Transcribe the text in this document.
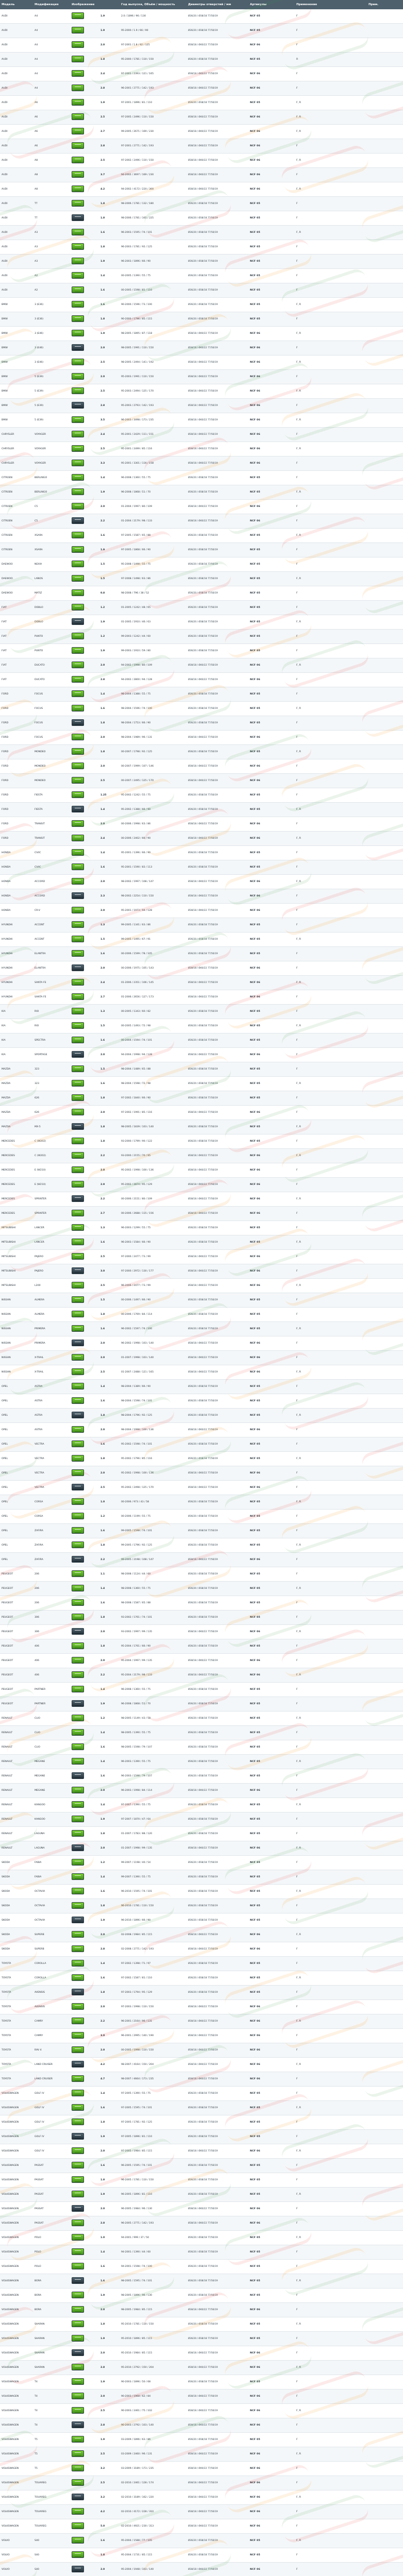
Модель	Модификация	Изображение		Год выпуска, Объём / мощность	Диаметры отверстий / мм	Артикулы	Применение	Прим.
AUDI	A4		1.9	2.0 / 1896 / 96 / 130	Ø36/20 / Ø38/18 77/56/19	NCF 05	F	
AUDI	A4		1.9	95-2000 / 1.9 / 66 / 90	Ø36/20 / Ø38/18 77/56/19	NCF 05	F	
AUDI	A4		2.0	97-2001 / 1.8 / 92 / 125	Ø38/18 / Ø40/22 77/56/19	NCF 06	F	
AUDI	A4		1.8	95-2000 / 1781 / 110 / 150	Ø36/20 / Ø38/18 77/56/19	NCF 05	R	
AUDI	A4		2.4	97-2001 / 2393 / 121 / 165	Ø38/18 / Ø40/22 77/56/19	NCF 06	F	
AUDI	A4		2.8	96-2001 / 2771 / 142 / 193	Ø38/18 / Ø40/22 77/56/19	NCF 06	F	
AUDI	A6		1.9	97-2001 / 1896 / 81 / 110	Ø36/20 / Ø38/18 77/56/19	NCF 05	F, R	
AUDI	A6		2.5	97-2005 / 2496 / 110 / 150	Ø38/18 / Ø40/22 77/56/19	NCF 06	F, R	
AUDI	A6		2.7	99-2005 / 2671 / 169 / 230	Ø38/18 / Ø40/22 77/56/19	NCF 06	F, R	
AUDI	A6		2.8	97-2001 / 2771 / 142 / 193	Ø38/18 / Ø40/22 77/56/19	NCF 06	F	
AUDI	A8		2.5	97-2002 / 2496 / 110 / 150	Ø38/18 / Ø40/22 77/56/19	NCF 06	F, R	
AUDI	A8		3.7	94-2002 / 3697 / 169 / 230	Ø38/18 / Ø40/22 77/56/19	NCF 06	F	
AUDI	A8		4.2	94-2002 / 4172 / 220 / 300	Ø38/18 / Ø40/22 77/56/19	NCF 06	F, R	
AUDI	TT		1.8	98-2006 / 1781 / 132 / 180	Ø36/20 / Ø38/18 77/56/19	NCF 05	F	
AUDI	TT		1.8	98-2006 / 1781 / 165 / 225	Ø36/20 / Ø38/18 77/56/19	NCF 05	F	
AUDI	A3		1.6	96-2003 / 1595 / 74 / 101	Ø36/20 / Ø38/18 77/56/19	NCF 05	F, R	
AUDI	A3		1.8	96-2003 / 1781 / 92 / 125	Ø36/20 / Ø38/18 77/56/19	NCF 05	F	
AUDI	A3		1.9	96-2003 / 1896 / 66 / 90	Ø36/20 / Ø38/18 77/56/19	NCF 05	F	
AUDI	A2		1.4	00-2005 / 1390 / 55 / 75	Ø36/20 / Ø38/18 77/56/19	NCF 05	F	
AUDI	A2		1.6	00-2005 / 1598 / 81 / 110	Ø36/20 / Ø38/18 77/56/19	NCF 05	F	
BMW	3 (E36)		1.6	90-2000 / 1596 / 73 / 100	Ø36/20 / Ø38/18 77/56/19	NCF 05	F, R	
BMW	3 (E36)		1.8	90-2000 / 1796 / 85 / 115	Ø36/20 / Ø38/18 77/56/19	NCF 05	F	
BMW	3 (E46)		1.9	98-2005 / 1895 / 87 / 118	Ø38/18 / Ø40/22 77/56/19	NCF 06	F, R	
BMW	3 (E46)		2.0	98-2005 / 1991 / 110 / 150	Ø38/18 / Ø40/22 77/56/19	NCF 06	F	
BMW	3 (E46)		2.5	98-2005 / 2494 / 141 / 192	Ø38/18 / Ø40/22 77/56/19	NCF 06	F, R	
BMW	5 (E39)		2.0	95-2003 / 1991 / 110 / 150	Ø38/18 / Ø40/22 77/56/19	NCF 06	F	
BMW	5 (E39)		2.5	95-2003 / 2494 / 125 / 170	Ø38/18 / Ø40/22 77/56/19	NCF 06	F, R	
BMW	5 (E39)		2.8	95-2003 / 2793 / 142 / 193	Ø38/18 / Ø40/22 77/56/19	NCF 06	F	
BMW	5 (E39)		3.5	96-2003 / 3498 / 173 / 235	Ø38/18 / Ø40/22 77/56/19	NCF 06	F, R	
CHRYSLER	VOYAGER		2.4	95-2001 / 2429 / 111 / 151	Ø38/18 / Ø40/22 77/56/19	NCF 06	F	
CHRYSLER	VOYAGER		2.5	95-2001 / 2499 / 85 / 116	Ø38/18 / Ø40/22 77/56/19	NCF 06	F, R	
CHRYSLER	VOYAGER		3.3	95-2001 / 3301 / 116 / 158	Ø38/18 / Ø40/22 77/56/19	NCF 06	F	
CITROEN	BERLINGO		1.4	96-2008 / 1360 / 55 / 75	Ø36/20 / Ø38/18 77/56/19	NCF 05	F	
CITROEN	BERLINGO		1.9	96-2008 / 1868 / 51 / 70	Ø36/20 / Ø38/18 77/56/19	NCF 05	F, R	
CITROEN	C5		2.0	01-2004 / 1997 / 80 / 109	Ø38/18 / Ø40/22 77/56/19	NCF 06	F	
CITROEN	C5		2.2	01-2004 / 2179 / 98 / 133	Ø38/18 / Ø40/22 77/56/19	NCF 06	F	
CITROEN	XSARA		1.6	97-2005 / 1587 / 65 / 88	Ø36/20 / Ø38/18 77/56/19	NCF 05	F, R	
CITROEN	XSARA		1.9	97-2005 / 1868 / 66 / 90	Ø36/20 / Ø38/18 77/56/19	NCF 05	F	
DAEWOO	NEXIA		1.5	95-2008 / 1498 / 55 / 75	Ø36/20 / Ø38/18 77/56/19	NCF 05	F	
DAEWOO	LANOS		1.5	97-2008 / 1498 / 63 / 86	Ø36/20 / Ø38/18 77/56/19	NCF 05	F, R	
DAEWOO	MATIZ		0.8	98-2008 / 796 / 38 / 52	Ø36/20 / Ø38/18 77/56/19	NCF 05	F	
FIAT	DOBLO		1.2	01-2005 / 1242 / 48 / 65	Ø36/20 / Ø38/18 77/56/19	NCF 05	F	
FIAT	DOBLO		1.9	01-2005 / 1910 / 46 / 63	Ø36/20 / Ø38/18 77/56/19	NCF 05	F, R	
FIAT	PUNTO		1.2	99-2003 / 1242 / 44 / 60	Ø36/20 / Ø38/18 77/56/19	NCF 05	F	
FIAT	PUNTO		1.9	99-2003 / 1910 / 59 / 80	Ø36/20 / Ø38/18 77/56/19	NCF 05	F	
FIAT	DUCATO		2.0	94-2002 / 1998 / 80 / 109	Ø38/18 / Ø40/22 77/56/19	NCF 06	F, R	
FIAT	DUCATO		2.8	94-2002 / 2800 / 94 / 128	Ø38/18 / Ø40/22 77/56/19	NCF 06	F	
FORD	FOCUS		1.4	98-2004 / 1388 / 55 / 75	Ø36/20 / Ø38/18 77/56/19	NCF 05	F	
FORD	FOCUS		1.6	98-2004 / 1596 / 74 / 100	Ø36/20 / Ø38/18 77/56/19	NCF 05	F, R	
FORD	FOCUS		1.8	98-2004 / 1753 / 66 / 90	Ø36/20 / Ø38/18 77/56/19	NCF 05	F	
FORD	FOCUS		2.0	98-2004 / 1989 / 96 / 131	Ø38/18 / Ø40/22 77/56/19	NCF 06	F	
FORD	MONDEO		1.8	00-2007 / 1798 / 92 / 125	Ø36/20 / Ø38/18 77/56/19	NCF 05	F, R	
FORD	MONDEO		2.0	00-2007 / 1999 / 107 / 146	Ø38/18 / Ø40/22 77/56/19	NCF 06	F	
FORD	MONDEO		2.5	00-2007 / 2495 / 125 / 170	Ø38/18 / Ø40/22 77/56/19	NCF 06	F	
FORD	FIESTA		1.25	95-2002 / 1242 / 55 / 75	Ø36/20 / Ø38/18 77/56/19	NCF 05	F	
FORD	FIESTA		1.4	95-2002 / 1388 / 66 / 90	Ø36/20 / Ø38/18 77/56/19	NCF 05	F, R	
FORD	TRANSIT		2.0	00-2006 / 1998 / 63 / 86	Ø38/18 / Ø40/22 77/56/19	NCF 06	F	
FORD	TRANSIT		2.4	00-2006 / 2402 / 66 / 90	Ø38/18 / Ø40/22 77/56/19	NCF 06	F, R	
HONDA	CIVIC		1.4	95-2001 / 1396 / 66 / 90	Ø36/20 / Ø38/18 77/56/19	NCF 05	F	
HONDA	CIVIC		1.6	95-2001 / 1590 / 83 / 113	Ø36/20 / Ø38/18 77/56/19	NCF 05	F	
HONDA	ACCORD		2.0	98-2002 / 1997 / 108 / 147	Ø38/18 / Ø40/22 77/56/19	NCF 06	F, R	
HONDA	ACCORD		2.3	98-2002 / 2254 / 110 / 150	Ø38/18 / Ø40/22 77/56/19	NCF 06	F	
HONDA	CR-V		2.0	95-2001 / 1973 / 94 / 128	Ø38/18 / Ø40/22 77/56/19	NCF 06	F	
HYUNDAI	ACCENT		1.3	99-2005 / 1341 / 63 / 86	Ø36/20 / Ø38/18 77/56/19	NCF 05	F	
HYUNDAI	ACCENT		1.5	99-2005 / 1495 / 67 / 91	Ø36/20 / Ø38/18 77/56/19	NCF 05	F, R	
HYUNDAI	ELANTRA		1.6	00-2006 / 1599 / 78 / 105	Ø36/20 / Ø38/18 77/56/19	NCF 05	F	
HYUNDAI	ELANTRA		2.0	00-2006 / 1975 / 105 / 143	Ø38/18 / Ø40/22 77/56/19	NCF 06	F	
HYUNDAI	SANTA FE		2.4	01-2006 / 2351 / 106 / 145	Ø38/18 / Ø40/22 77/56/19	NCF 06	F, R	
HYUNDAI	SANTA FE		2.7	01-2006 / 2656 / 127 / 173	Ø38/18 / Ø40/22 77/56/19	NCF 06	F	
KIA	RIO		1.3	00-2005 / 1343 / 60 / 82	Ø36/20 / Ø38/18 77/56/19	NCF 05	F	
KIA	RIO		1.5	00-2005 / 1493 / 72 / 98	Ø36/20 / Ø38/18 77/56/19	NCF 05	F, R	
KIA	SPECTRA		1.6	00-2004 / 1594 / 74 / 101	Ø36/20 / Ø38/18 77/56/19	NCF 05	F	
KIA	SPORTAGE		2.0	94-2004 / 1998 / 94 / 128	Ø38/18 / Ø40/22 77/56/19	NCF 06	F	
MAZDA	323		1.5	98-2004 / 1489 / 65 / 88	Ø36/20 / Ø38/18 77/56/19	NCF 05	F	
MAZDA	323		1.6	98-2004 / 1598 / 72 / 98	Ø36/20 / Ø38/18 77/56/19	NCF 05	F, R	
MAZDA	626		1.8	97-2002 / 1840 / 66 / 90	Ø36/20 / Ø38/18 77/56/19	NCF 05	F	
MAZDA	626		2.0	97-2002 / 1991 / 85 / 116	Ø38/18 / Ø40/22 77/56/19	NCF 06	F	
MAZDA	MX-5		1.8	98-2005 / 1839 / 103 / 140	Ø36/20 / Ø38/18 77/56/19	NCF 05	F, R	
MERCEDES	C (W202)		1.8	93-2000 / 1799 / 90 / 122	Ø36/20 / Ø38/18 77/56/19	NCF 05	F	
MERCEDES	C (W202)		2.2	93-2000 / 2155 / 70 / 95	Ø38/18 / Ø40/22 77/56/19	NCF 06	F, R	
MERCEDES	E (W210)		2.0	95-2002 / 1998 / 100 / 136	Ø38/18 / Ø40/22 77/56/19	NCF 06	F	
MERCEDES	E (W210)		2.9	95-2002 / 2874 / 95 / 129	Ø38/18 / Ø40/22 77/56/19	NCF 06	F	
MERCEDES	SPRINTER		2.2	00-2006 / 2151 / 80 / 109	Ø38/18 / Ø40/22 77/56/19	NCF 06	F, R	
MERCEDES	SPRINTER		2.7	00-2006 / 2688 / 115 / 156	Ø38/18 / Ø40/22 77/56/19	NCF 06	F	
MITSUBISHI	LANCER		1.3	96-2003 / 1299 / 55 / 75	Ø36/20 / Ø38/18 77/56/19	NCF 05	F	
MITSUBISHI	LANCER		1.6	96-2003 / 1584 / 66 / 90	Ø36/20 / Ø38/18 77/56/19	NCF 05	F, R	
MITSUBISHI	PAJERO		2.5	97-2000 / 2477 / 73 / 99	Ø38/18 / Ø40/22 77/56/19	NCF 06	F	
MITSUBISHI	PAJERO		3.0	97-2000 / 2972 / 130 / 177	Ø38/18 / Ø40/22 77/56/19	NCF 06	F	
MITSUBISHI	L200		2.5	96-2006 / 2477 / 73 / 99	Ø38/18 / Ø40/22 77/56/19	NCF 06	F, R	
NISSAN	ALMERA		1.5	00-2006 / 1497 / 66 / 90	Ø36/20 / Ø38/18 77/56/19	NCF 05	F	
NISSAN	ALMERA		1.8	00-2006 / 1769 / 84 / 114	Ø36/20 / Ø38/18 77/56/19	NCF 05	F	
NISSAN	PRIMERA		1.6	96-2002 / 1597 / 74 / 100	Ø36/20 / Ø38/18 77/56/19	NCF 05	F, R	
NISSAN	PRIMERA		2.0	96-2002 / 1998 / 103 / 140	Ø38/18 / Ø40/22 77/56/19	NCF 06	F	
NISSAN	X-TRAIL		2.0	01-2007 / 1998 / 103 / 140	Ø38/18 / Ø40/22 77/56/19	NCF 06	F	
NISSAN	X-TRAIL		2.5	01-2007 / 2488 / 121 / 165	Ø38/18 / Ø40/22 77/56/19	NCF 06	F, R	
OPEL	ASTRA		1.4	98-2004 / 1389 / 66 / 90	Ø36/20 / Ø38/18 77/56/19	NCF 05	F	
OPEL	ASTRA		1.6	98-2004 / 1598 / 74 / 101	Ø36/20 / Ø38/18 77/56/19	NCF 05	F	
OPEL	ASTRA		1.8	98-2004 / 1796 / 92 / 125	Ø36/20 / Ø38/18 77/56/19	NCF 05	F, R	
OPEL	ASTRA		2.0	98-2004 / 1998 / 100 / 136	Ø38/18 / Ø40/22 77/56/19	NCF 06	F	
OPEL	VECTRA		1.6	95-2002 / 1598 / 74 / 101	Ø36/20 / Ø38/18 77/56/19	NCF 05	F	
OPEL	VECTRA		1.8	95-2002 / 1796 / 85 / 116	Ø36/20 / Ø38/18 77/56/19	NCF 05	F, R	
OPEL	VECTRA		2.0	95-2002 / 1998 / 100 / 136	Ø38/18 / Ø40/22 77/56/19	NCF 06	F	
OPEL	VECTRA		2.5	95-2002 / 2498 / 125 / 170	Ø38/18 / Ø40/22 77/56/19	NCF 06	F	
OPEL	CORSA		1.0	00-2006 / 973 / 43 / 58	Ø36/20 / Ø38/18 77/56/19	NCF 05	F, R	
OPEL	CORSA		1.2	00-2006 / 1199 / 55 / 75	Ø36/20 / Ø38/18 77/56/19	NCF 05	F	
OPEL	ZAFIRA		1.6	99-2005 / 1598 / 74 / 101	Ø36/20 / Ø38/18 77/56/19	NCF 05	F	
OPEL	ZAFIRA		1.8	99-2005 / 1796 / 92 / 125	Ø36/20 / Ø38/18 77/56/19	NCF 05	F, R	
OPEL	ZAFIRA		2.2	99-2005 / 2198 / 108 / 147	Ø38/18 / Ø40/22 77/56/19	NCF 06	F	
PEUGEOT	206		1.1	98-2008 / 1124 / 44 / 60	Ø36/20 / Ø38/18 77/56/19	NCF 05	F	
PEUGEOT	206		1.4	98-2008 / 1360 / 55 / 75	Ø36/20 / Ø38/18 77/56/19	NCF 05	F, R	
PEUGEOT	206		1.6	98-2008 / 1587 / 65 / 88	Ø36/20 / Ø38/18 77/56/19	NCF 05	F	
PEUGEOT	306		1.8	93-2002 / 1761 / 74 / 101	Ø36/20 / Ø38/18 77/56/19	NCF 05	F	
PEUGEOT	306		2.0	93-2002 / 1997 / 99 / 135	Ø38/18 / Ø40/22 77/56/19	NCF 06	F, R	
PEUGEOT	406		1.8	95-2004 / 1761 / 66 / 90	Ø36/20 / Ø38/18 77/56/19	NCF 05	F	
PEUGEOT	406		2.0	95-2004 / 1997 / 99 / 135	Ø38/18 / Ø40/22 77/56/19	NCF 06	F	
PEUGEOT	406		2.2	95-2004 / 2179 / 98 / 133	Ø38/18 / Ø40/22 77/56/19	NCF 06	F, R	
PEUGEOT	PARTNER		1.4	96-2008 / 1360 / 55 / 75	Ø36/20 / Ø38/18 77/56/19	NCF 05	F	
PEUGEOT	PARTNER		1.9	96-2008 / 1868 / 51 / 70	Ø36/20 / Ø38/18 77/56/19	NCF 05	F	
RENAULT	CLIO		1.2	98-2005 / 1149 / 43 / 58	Ø36/20 / Ø38/18 77/56/19	NCF 05	F, R	
RENAULT	CLIO		1.4	98-2005 / 1390 / 55 / 75	Ø36/20 / Ø38/18 77/56/19	NCF 05	F	
RENAULT	CLIO		1.6	98-2005 / 1598 / 79 / 107	Ø36/20 / Ø38/18 77/56/19	NCF 05	F	
RENAULT	MEGANE		1.4	96-2003 / 1390 / 55 / 75	Ø36/20 / Ø38/18 77/56/19	NCF 05	F, R	
RENAULT	MEGANE		1.6	96-2003 / 1598 / 79 / 107	Ø36/20 / Ø38/18 77/56/19	NCF 05	F	
RENAULT	MEGANE		2.0	96-2003 / 1998 / 84 / 114	Ø38/18 / Ø40/22 77/56/19	NCF 06	F	
RENAULT	KANGOO		1.4	97-2007 / 1390 / 55 / 75	Ø36/20 / Ø38/18 77/56/19	NCF 05	F, R	
RENAULT	KANGOO		1.9	97-2007 / 1870 / 47 / 64	Ø36/20 / Ø38/18 77/56/19	NCF 05	F	
RENAULT	LAGUNA		1.8	01-2007 / 1783 / 88 / 120	Ø36/20 / Ø38/18 77/56/19	NCF 05	F	
RENAULT	LAGUNA		2.0	01-2007 / 1998 / 99 / 135	Ø38/18 / Ø40/22 77/56/19	NCF 06	F, R	
SKODA	FABIA		1.2	99-2007 / 1198 / 40 / 54	Ø36/20 / Ø38/18 77/56/19	NCF 05	F	
SKODA	FABIA		1.4	99-2007 / 1390 / 55 / 75	Ø36/20 / Ø38/18 77/56/19	NCF 05	F	
SKODA	OCTAVIA		1.6	96-2010 / 1595 / 74 / 101	Ø36/20 / Ø38/18 77/56/19	NCF 05	F, R	
SKODA	OCTAVIA		1.8	96-2010 / 1781 / 110 / 150	Ø36/20 / Ø38/18 77/56/19	NCF 05	F	
SKODA	OCTAVIA		1.9	96-2010 / 1896 / 66 / 90	Ø36/20 / Ø38/18 77/56/19	NCF 05	F	
SKODA	SUPERB		2.0	02-2008 / 1984 / 85 / 115	Ø38/18 / Ø40/22 77/56/19	NCF 06	F, R	
SKODA	SUPERB		2.8	02-2008 / 2771 / 142 / 193	Ø38/18 / Ø40/22 77/56/19	NCF 06	F	
TOYOTA	COROLLA		1.4	97-2002 / 1398 / 71 / 97	Ø36/20 / Ø38/18 77/56/19	NCF 05	F	
TOYOTA	COROLLA		1.6	97-2002 / 1587 / 81 / 110	Ø36/20 / Ø38/18 77/56/19	NCF 05	F, R	
TOYOTA	AVENSIS		1.8	97-2003 / 1794 / 95 / 129	Ø36/20 / Ø38/18 77/56/19	NCF 05	F	
TOYOTA	AVENSIS		2.0	97-2003 / 1998 / 110 / 150	Ø38/18 / Ø40/22 77/56/19	NCF 06	F	
TOYOTA	CAMRY		2.2	96-2001 / 2164 / 96 / 131	Ø38/18 / Ø40/22 77/56/19	NCF 06	F, R	
TOYOTA	CAMRY		3.0	96-2001 / 2995 / 140 / 190	Ø38/18 / Ø40/22 77/56/19	NCF 06	F	
TOYOTA	RAV 4		2.0	00-2005 / 1998 / 110 / 150	Ø38/18 / Ø40/22 77/56/19	NCF 06	F	
TOYOTA	LAND CRUISER		4.2	98-2007 / 4164 / 150 / 204	Ø38/18 / Ø40/22 77/56/19	NCF 06	F, R	
TOYOTA	LAND CRUISER		4.7	98-2007 / 4664 / 173 / 235	Ø38/18 / Ø40/22 77/56/19	NCF 06	F	
VOLKSWAGEN	GOLF IV		1.4	97-2005 / 1390 / 55 / 75	Ø36/20 / Ø38/18 77/56/19	NCF 05	F	
VOLKSWAGEN	GOLF IV		1.6	97-2005 / 1595 / 74 / 101	Ø36/20 / Ø38/18 77/56/19	NCF 05	F, R	
VOLKSWAGEN	GOLF IV		1.8	97-2005 / 1781 / 92 / 125	Ø36/20 / Ø38/18 77/56/19	NCF 05	F	
VOLKSWAGEN	GOLF IV		1.9	97-2005 / 1896 / 81 / 110	Ø36/20 / Ø38/18 77/56/19	NCF 05	F	
VOLKSWAGEN	GOLF IV		2.0	97-2005 / 1984 / 85 / 115	Ø38/18 / Ø40/22 77/56/19	NCF 06	F, R	
VOLKSWAGEN	PASSAT		1.6	96-2005 / 1595 / 74 / 101	Ø36/20 / Ø38/18 77/56/19	NCF 05	F	
VOLKSWAGEN	PASSAT		1.8	96-2005 / 1781 / 110 / 150	Ø36/20 / Ø38/18 77/56/19	NCF 05	F	
VOLKSWAGEN	PASSAT		1.9	96-2005 / 1896 / 81 / 110	Ø36/20 / Ø38/18 77/56/19	NCF 05	F, R	
VOLKSWAGEN	PASSAT		2.0	96-2005 / 1984 / 96 / 130	Ø38/18 / Ø40/22 77/56/19	NCF 06	F	
VOLKSWAGEN	PASSAT		2.8	96-2005 / 2771 / 142 / 193	Ø38/18 / Ø40/22 77/56/19	NCF 06	F	
VOLKSWAGEN	POLO		1.0	94-2001 / 999 / 37 / 50	Ø36/20 / Ø38/18 77/56/19	NCF 05	F, R	
VOLKSWAGEN	POLO		1.4	94-2001 / 1390 / 44 / 60	Ø36/20 / Ø38/18 77/56/19	NCF 05	F	
VOLKSWAGEN	POLO		1.6	94-2001 / 1598 / 74 / 100	Ø36/20 / Ø38/18 77/56/19	NCF 05	F	
VOLKSWAGEN	BORA		1.6	98-2005 / 1595 / 74 / 101	Ø36/20 / Ø38/18 77/56/19	NCF 05	F, R	
VOLKSWAGEN	BORA		1.9	98-2005 / 1896 / 96 / 130	Ø36/20 / Ø38/18 77/56/19	NCF 05	F	
VOLKSWAGEN	BORA		2.0	98-2005 / 1984 / 85 / 115	Ø38/18 / Ø40/22 77/56/19	NCF 06	F	
VOLKSWAGEN	SHARAN		1.8	95-2010 / 1781 / 110 / 150	Ø36/20 / Ø38/18 77/56/19	NCF 05	F, R	
VOLKSWAGEN	SHARAN		1.9	95-2010 / 1896 / 85 / 115	Ø36/20 / Ø38/18 77/56/19	NCF 05	F	
VOLKSWAGEN	SHARAN		2.0	95-2010 / 1984 / 85 / 115	Ø38/18 / Ø40/22 77/56/19	NCF 06	F	
VOLKSWAGEN	SHARAN		2.8	95-2010 / 2792 / 150 / 204	Ø38/18 / Ø40/22 77/56/19	NCF 06	F, R	
VOLKSWAGEN	T4		1.9	90-2003 / 1896 / 50 / 68	Ø36/20 / Ø38/18 77/56/19	NCF 05	F	
VOLKSWAGEN	T4		2.0	90-2003 / 1968 / 62 / 84	Ø38/18 / Ø40/22 77/56/19	NCF 06	F	
VOLKSWAGEN	T4		2.5	90-2003 / 2461 / 75 / 102	Ø38/18 / Ø40/22 77/56/19	NCF 06	F, R	
VOLKSWAGEN	T4		2.8	90-2003 / 2792 / 103 / 140	Ø38/18 / Ø40/22 77/56/19	NCF 06	F	
VOLKSWAGEN	T5		1.9	03-2009 / 1896 / 63 / 86	Ø36/20 / Ø38/18 77/56/19	NCF 05	F	
VOLKSWAGEN	T5		2.5	03-2009 / 2460 / 96 / 131	Ø38/18 / Ø40/22 77/56/19	NCF 06	F, R	
VOLKSWAGEN	T5		3.2	03-2009 / 3189 / 173 / 235	Ø38/18 / Ø40/22 77/56/19	NCF 06	F	
VOLKSWAGEN	TOUAREG		2.5	02-2010 / 2461 / 128 / 174	Ø38/18 / Ø40/22 77/56/19	NCF 06	F	
VOLKSWAGEN	TOUAREG		3.2	02-2010 / 3189 / 162 / 220	Ø38/18 / Ø40/22 77/56/19	NCF 06	F, R	
VOLKSWAGEN	TOUAREG		4.2	02-2010 / 4172 / 228 / 310	Ø38/18 / Ø40/22 77/56/19	NCF 06	F	
VOLKSWAGEN	TOUAREG		5.0	02-2010 / 4921 / 230 / 313	Ø38/18 / Ø40/22 77/56/19	NCF 06	F	
VOLVO	S40		1.6	95-2004 / 1588 / 77 / 105	Ø36/20 / Ø38/18 77/56/19	NCF 05	F, R	
VOLVO	S40		1.8	95-2004 / 1731 / 85 / 115	Ø36/20 / Ø38/18 77/56/19	NCF 05	F	
VOLVO	S40		2.0	95-2004 / 1948 / 103 / 140	Ø38/18 / Ø40/22 77/56/19	NCF 06	F	
